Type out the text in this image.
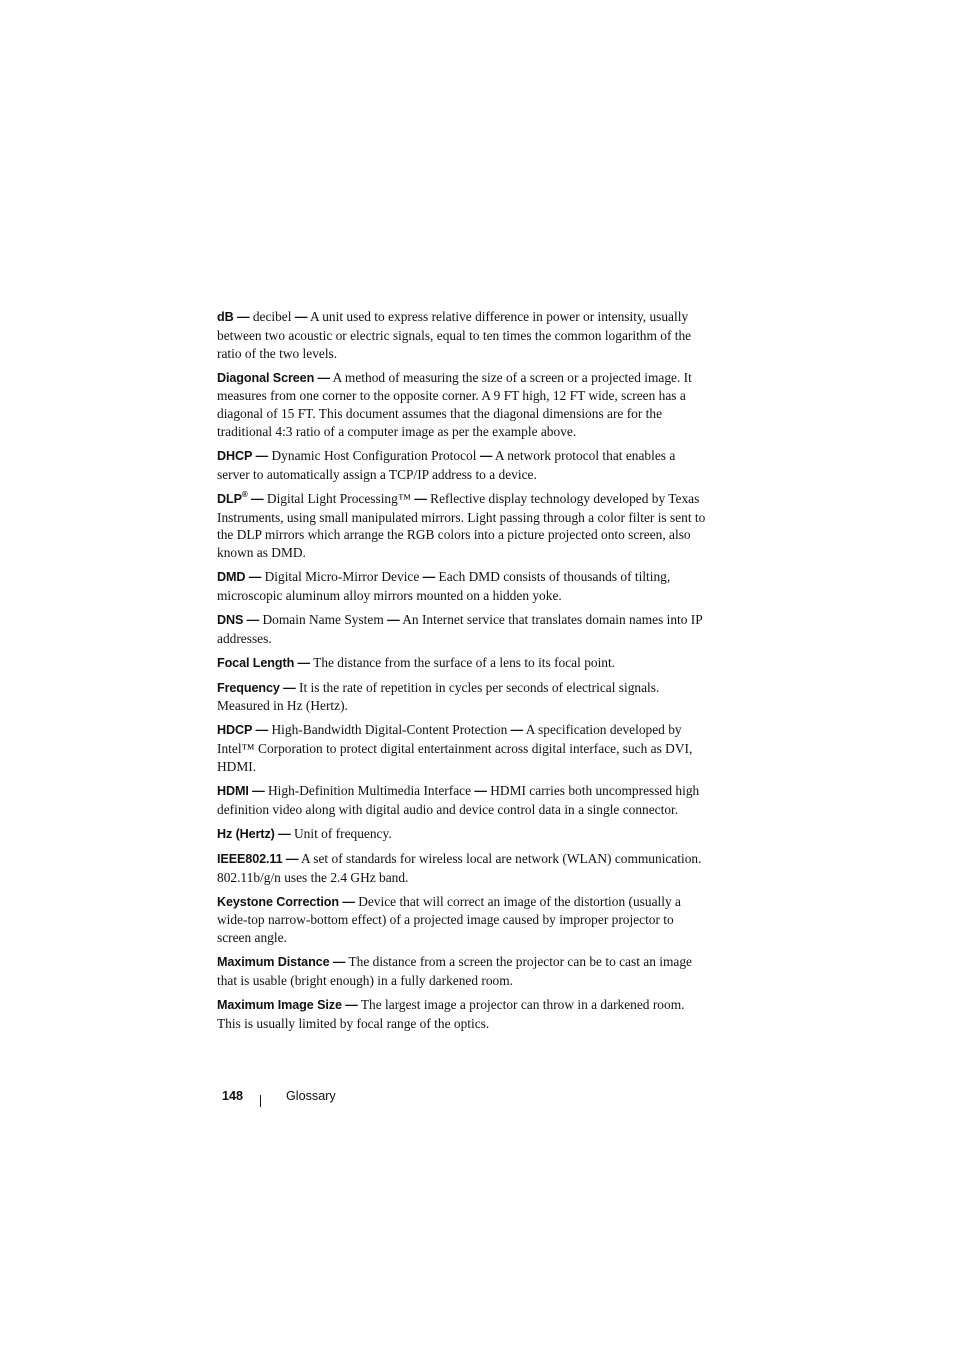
dB — decibel — A unit used to express relative difference in power or intensity, usually between two acoustic or electric signals, equal to ten times the common logarithm of the ratio of the two levels.

Diagonal Screen — A method of measuring the size of a screen or a projected image. It measures from one corner to the opposite corner. A 9 FT high, 12 FT wide, screen has a diagonal of 15 FT. This document assumes that the diagonal dimensions are for the traditional 4:3 ratio of a computer image as per the example above.

DHCP — Dynamic Host Configuration Protocol — A network protocol that enables a server to automatically assign a TCP/IP address to a device.

DLP® — Digital Light Processing™ — Reflective display technology developed by Texas Instruments, using small manipulated mirrors. Light passing through a color filter is sent to the DLP mirrors which arrange the RGB colors into a picture projected onto screen, also known as DMD.

DMD — Digital Micro-Mirror Device — Each DMD consists of thousands of tilting, microscopic aluminum alloy mirrors mounted on a hidden yoke.

DNS — Domain Name System — An Internet service that translates domain names into IP addresses.

Focal Length — The distance from the surface of a lens to its focal point.

Frequency — It is the rate of repetition in cycles per seconds of electrical signals. Measured in Hz (Hertz).

HDCP — High-Bandwidth Digital-Content Protection — A specification developed by Intel™ Corporation to protect digital entertainment across digital interface, such as DVI, HDMI.

HDMI — High-Definition Multimedia Interface — HDMI carries both uncompressed high definition video along with digital audio and device control data in a single connector.

Hz (Hertz) — Unit of frequency.

IEEE802.11 — A set of standards for wireless local are network (WLAN) communication. 802.11b/g/n uses the 2.4 GHz band.

Keystone Correction — Device that will correct an image of the distortion (usually a wide-top narrow-bottom effect) of a projected image caused by improper projector to screen angle.

Maximum Distance — The distance from a screen the projector can be to cast an image that is usable (bright enough) in a fully darkened room.

Maximum Image Size — The largest image a projector can throw in a darkened room. This is usually limited by focal range of the optics.

148	Glossary
